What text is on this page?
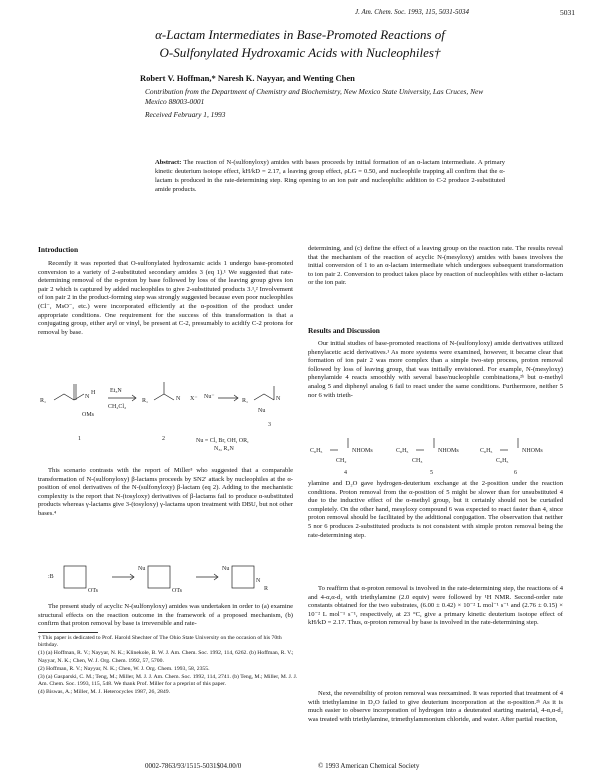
J. Am. Chem. Soc. 1993, 115, 5031-5034	5031
α-Lactam Intermediates in Base-Promoted Reactions of
O-Sulfonylated Hydroxamic Acids with Nucleophiles†
Robert V. Hoffman,* Naresh K. Nayyar, and Wenting Chen
Contribution from the Department of Chemistry and Biochemistry, New Mexico State University, Las Cruces, New Mexico 88003-0001
Received February 1, 1993
Abstract: The reaction of N-(sulfonyloxy) amides with bases proceeds by initial formation of an α-lactam intermediate. A primary kinetic deuterium isotope effect, kH/kD = 2.17, a leaving group effect, ρLG = 0.50, and nucleophile trapping all confirm that the α-lactam is produced in the rate-determining step. Ring opening to an ion pair and nucleophilic addition to C-2 produce 2-substituted amide products.
Introduction

Recently it was reported that O-sulfonylated hydroxamic acids 1 undergo base-promoted conversion to a variety of 2-substituted secondary amides 3 (eq 1).¹ We suggested that rate-determining removal of the α-proton by base followed by loss of the leaving group gives ion pair 2 which is captured by added nucleophiles to give 2-substituted products 3.¹,² Involvement of ion pair 2 in the product-forming step was strongly suggested because even poor nucleophiles (Cl⁻, MsO⁻, etc.) were incorporated efficiently at the α-position of the product under appropriate conditions. One requirement for the success of this transformation is that a conjugating group, either aryl or vinyl, be present at C-2, presumably to acidify C-2 protons for removal by base.

R₁
N
H
OMs
1
Et₃N
CH₂Cl₂
R₁	N X⁻
2
Nu⁻
R₁	N
Nu
3
Nu = Cl, Br, OH, OR,
N₃, R₂N

This scenario contrasts with the report of Miller³ who suggested that a comparable transformation of N-(sulfonyloxy) β-lactams proceeds by SN2′ attack by nucleophiles at the α-position of enol derivatives of the N-(sulfonyloxy) β-lactam (eq 2). Adding to the mechanistic complexity is the report that N-(tosyloxy) derivatives of β-lactams fail to produce α-substituted products whereas γ-lactams give 3-(tosyloxy) γ-lactams upon treatment with DBU, but not other bases.⁴

:B
OTs
Nu
OTs
Nu
N
R

The present study of acyclic N-(sulfonyloxy) amides was undertaken in order to (a) examine structural effects on the reaction outcome in the framework of a proposed mechanism, (b) confirm that proton removal by base is irreversible and rate-

† This paper is dedicated to Prof. Harold Shechter of The Ohio State University on the occasion of his 70th birthday.

(1) (a) Hoffman, R. V.; Nayyar, N. K.; Klinekole, B. W. J. Am. Chem. Soc. 1992, 114, 6262. (b) Hoffman, R. V.; Nayyar, N. K.; Chen, W. J. Org. Chem. 1992, 57, 5700.

(2) Hoffman, R. V.; Nayyar, N. K.; Chen, W. J. Org. Chem. 1993, 58, 2355.

(3) (a) Gasparski, C. M.; Teng, M.; Miller, M. J. J. Am. Chem. Soc. 1992, 114, 2741. (b) Teng, M.; Miller, M. J. J. Am. Chem. Soc. 1993, 115, 548. We thank Prof. Miller for a preprint of this paper.

(4) Biswas, A.; Miller, M. J. Heterocycles 1987, 26, 2849.

determining, and (c) define the effect of a leaving group on the reaction rate. The results reveal that the mechanism of the reaction of acyclic N-(mesyloxy) amides with bases involves the initial conversion of 1 to an α-lactam intermediate which undergoes subsequent transformation to ion pair 2. Conversion to product takes place by reaction of nucleophiles with either α-lactam or the ion pair.

Results and Discussion

Our initial studies of base-promoted reactions of N-(sulfonyloxy) amide derivatives utilized phenylacetic acid derivatives.¹ As more systems were examined, however, it became clear that formation of ion pair 2 was more complex than a simple two-step process, proton removal followed by loss of leaving group, that was initially envisioned. For example, N-(mesyloxy) phenylamide 4 reacts smoothly with several base/nucleophile combinations,²ᵇ but α-methyl analog 5 and diphenyl analog 6 fail to react under the same conditions. Furthermore, neither 5 nor 6 with trieth-

C₆H₅	NHOMs
CH₂
4
C₆H₅	NHOMs
CH₃
5
C₆H₅	NHOMs
C₆H₅
6

ylamine and D₂O gave hydrogen-deuterium exchange at the 2-position under the reaction conditions. Proton removal from the α-position of 5 might be slower than for unsubstituted 4 due to the inductive effect of the α-methyl group, but it certainly should not be curtailed completely. On the other hand, mesyloxy compound 6 was expected to react faster than 4, since proton removal should be facilitated by the additional conjugation. The observation that neither 5 nor 6 produces 2-substituted products is not consistent with simple proton removal being the rate-determining step.

To reaffirm that α-proton removal is involved in the rate-determining step, the reactions of 4 and 4-α,α-d₂ with triethylamine (2.0 equiv) were followed by ¹H NMR. Second-order rate constants obtained for the two substrates, (6.00 ± 0.42) × 10⁻² L mol⁻¹ s⁻¹ and (2.76 ± 0.15) × 10⁻² L mol⁻¹ s⁻¹, respectively, at 23 °C, give a primary kinetic deuterium isotope effect of kH/kD = 2.17. Thus, α-proton removal by base is involved in the rate-determining step.

Next, the reversibility of proton removal was reexamined. It was reported that treatment of 4 with triethylamine in D₂O failed to give deuterium incorporation at the α-position.²ᵇ As it is much easier to observe incorporation of hydrogen into a deuterated starting material, 4-α,α-d₂ was treated with triethylamine, trimethylammonium chloride, and water. After partial reaction,

0002-7863/93/1515-5031$04.00/0	© 1993 American Chemical Society
